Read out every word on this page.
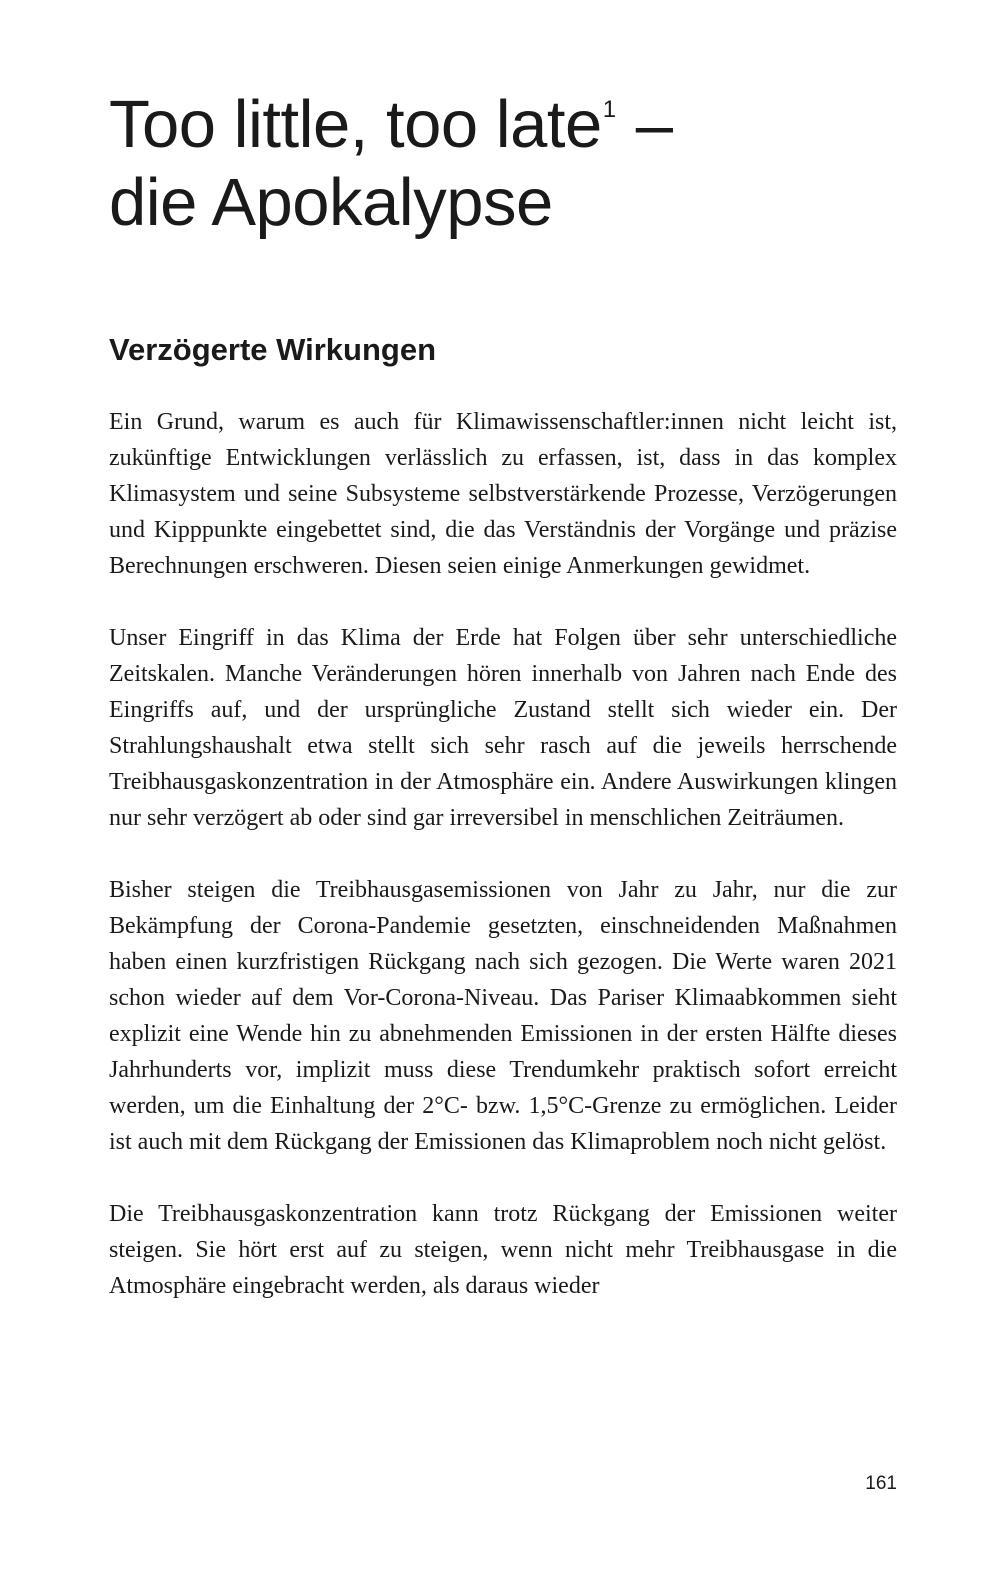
Too little, too late$^1$ –
die Apokalypse
Verzögerte Wirkungen

Ein Grund, warum es auch für Klimawissenschaftler:innen nicht leicht ist, zukünftige Entwicklungen verlässlich zu erfassen, ist, dass in das komplex Klimasystem und seine Subsysteme selbstverstärkende Prozesse, Verzögerungen und Kipppunkte eingebettet sind, die das Verständnis der Vorgänge und präzise Berechnungen erschweren. Diesen seien einige Anmerkungen gewidmet.

Unser Eingriff in das Klima der Erde hat Folgen über sehr unterschiedliche Zeitskalen. Manche Veränderungen hören innerhalb von Jahren nach Ende des Eingriffs auf, und der ursprüngliche Zustand stellt sich wieder ein. Der Strahlungshaushalt etwa stellt sich sehr rasch auf die jeweils herrschende Treibhausgaskonzentration in der Atmosphäre ein. Andere Auswirkungen klingen nur sehr verzögert ab oder sind gar irreversibel in menschlichen Zeiträumen.

Bisher steigen die Treibhausgasemissionen von Jahr zu Jahr, nur die zur Bekämpfung der Corona-Pandemie gesetzten, einschneidenden Maßnahmen haben einen kurzfristigen Rückgang nach sich gezogen. Die Werte waren 2021 schon wieder auf dem Vor-Corona-Niveau. Das Pariser Klimaabkommen sieht explizit eine Wende hin zu abnehmenden Emissionen in der ersten Hälfte dieses Jahrhunderts vor, implizit muss diese Trendumkehr praktisch sofort erreicht werden, um die Einhaltung der 2°C- bzw. 1,5°C-Grenze zu ermöglichen. Leider ist auch mit dem Rückgang der Emissionen das Klimaproblem noch nicht gelöst.

Die Treibhausgaskonzentration kann trotz Rückgang der Emissionen weiter steigen. Sie hört erst auf zu steigen, wenn nicht mehr Treibhausgase in die Atmosphäre eingebracht werden, als daraus wieder

161
